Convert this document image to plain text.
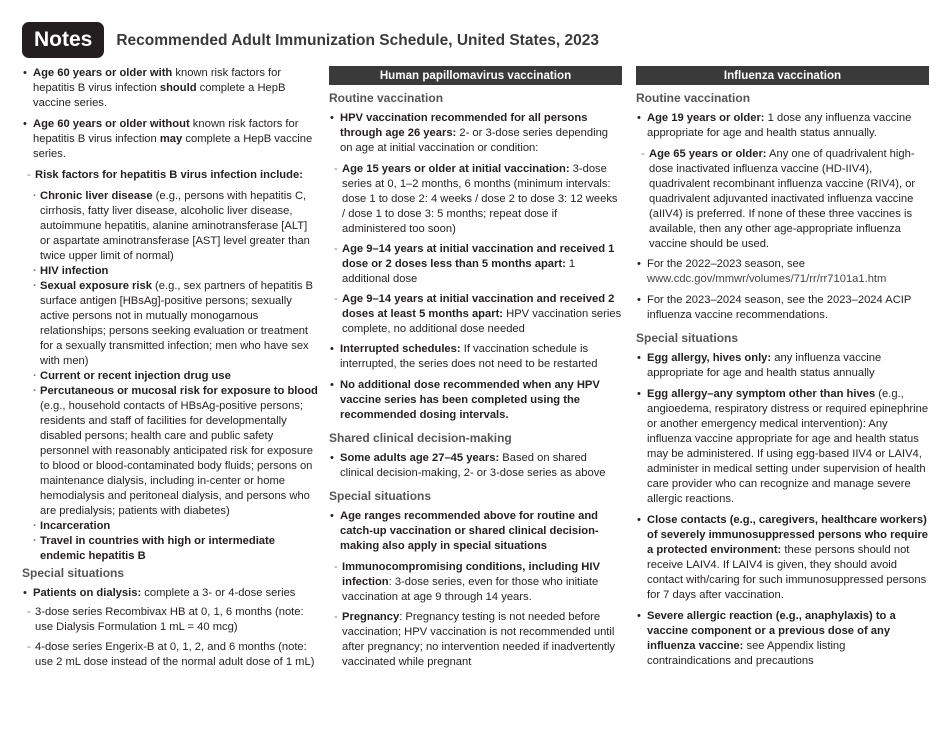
Notes	Recommended Adult Immunization Schedule, United States, 2023
• Age 60 years or older with known risk factors for hepatitis B virus infection should complete a HepB vaccine series.
• Age 60 years or older without known risk factors for hepatitis B virus infection may complete a HepB vaccine series.
- Risk factors for hepatitis B virus infection include:
· Chronic liver disease (e.g., persons with hepatitis C, cirrhosis, fatty liver disease, alcoholic liver disease, autoimmune hepatitis, alanine aminotransferase [ALT] or aspartate aminotransferase [AST] level greater than twice upper limit of normal)
· HIV infection
· Sexual exposure risk (e.g., sex partners of hepatitis B surface antigen [HBsAg]-positive persons; sexually active persons not in mutually monogamous relationships; persons seeking evaluation or treatment for a sexually transmitted infection; men who have sex with men)
· Current or recent injection drug use
· Percutaneous or mucosal risk for exposure to blood (e.g., household contacts of HBsAg-positive persons; residents and staff of facilities for developmentally disabled persons; health care and public safety personnel with reasonably anticipated risk for exposure to blood or blood-contaminated body fluids; persons on maintenance dialysis, including in-center or home hemodialysis and peritoneal dialysis, and persons who are predialysis; patients with diabetes)
· Incarceration
· Travel in countries with high or intermediate endemic hepatitis B
Special situations
• Patients on dialysis: complete a 3- or 4-dose series
- 3-dose series Recombivax HB at 0, 1, 6 months (note: use Dialysis Formulation 1 mL = 40 mcg)
- 4-dose series Engerix-B at 0, 1, 2, and 6 months (note: use 2 mL dose instead of the normal adult dose of 1 mL)
Human papillomavirus vaccination
Routine vaccination
• HPV vaccination recommended for all persons through age 26 years: 2- or 3-dose series depending on age at initial vaccination or condition:
- Age 15 years or older at initial vaccination: 3-dose series at 0, 1–2 months, 6 months (minimum intervals: dose 1 to dose 2: 4 weeks / dose 2 to dose 3: 12 weeks / dose 1 to dose 3: 5 months; repeat dose if administered too soon)
- Age 9–14 years at initial vaccination and received 1 dose or 2 doses less than 5 months apart: 1 additional dose
- Age 9–14 years at initial vaccination and received 2 doses at least 5 months apart: HPV vaccination series complete, no additional dose needed
• Interrupted schedules: If vaccination schedule is interrupted, the series does not need to be restarted
• No additional dose recommended when any HPV vaccine series has been completed using the recommended dosing intervals.
Shared clinical decision-making
• Some adults age 27–45 years: Based on shared clinical decision-making, 2- or 3-dose series as above
Special situations
• Age ranges recommended above for routine and catch-up vaccination or shared clinical decision-making also apply in special situations
- Immunocompromising conditions, including HIV infection: 3-dose series, even for those who initiate vaccination at age 9 through 14 years.
- Pregnancy: Pregnancy testing is not needed before vaccination; HPV vaccination is not recommended until after pregnancy; no intervention needed if inadvertently vaccinated while pregnant
Influenza vaccination
Routine vaccination
• Age 19 years or older: 1 dose any influenza vaccine appropriate for age and health status annually.
- Age 65 years or older: Any one of quadrivalent high-dose inactivated influenza vaccine (HD-IIV4), quadrivalent recombinant influenza vaccine (RIV4), or quadrivalent adjuvanted inactivated influenza vaccine (aIIV4) is preferred. If none of these three vaccines is available, then any other age-appropriate influenza vaccine should be used.
• For the 2022–2023 season, see www.cdc.gov/mmwr/volumes/71/rr/rr7101a1.htm
• For the 2023–2024 season, see the 2023–2024 ACIP influenza vaccine recommendations.
Special situations
• Egg allergy, hives only: any influenza vaccine appropriate for age and health status annually
• Egg allergy–any symptom other than hives (e.g., angioedema, respiratory distress or required epinephrine or another emergency medical intervention): Any influenza vaccine appropriate for age and health status may be administered. If using egg-based IIV4 or LAIV4, administer in medical setting under supervision of health care provider who can recognize and manage severe allergic reactions.
• Close contacts (e.g., caregivers, healthcare workers) of severely immunosuppressed persons who require a protected environment: these persons should not receive LAIV4. If LAIV4 is given, they should avoid contact with/caring for such immunosuppressed persons for 7 days after vaccination.
• Severe allergic reaction (e.g., anaphylaxis) to a vaccine component or a previous dose of any influenza vaccine: see Appendix listing contraindications and precautions
